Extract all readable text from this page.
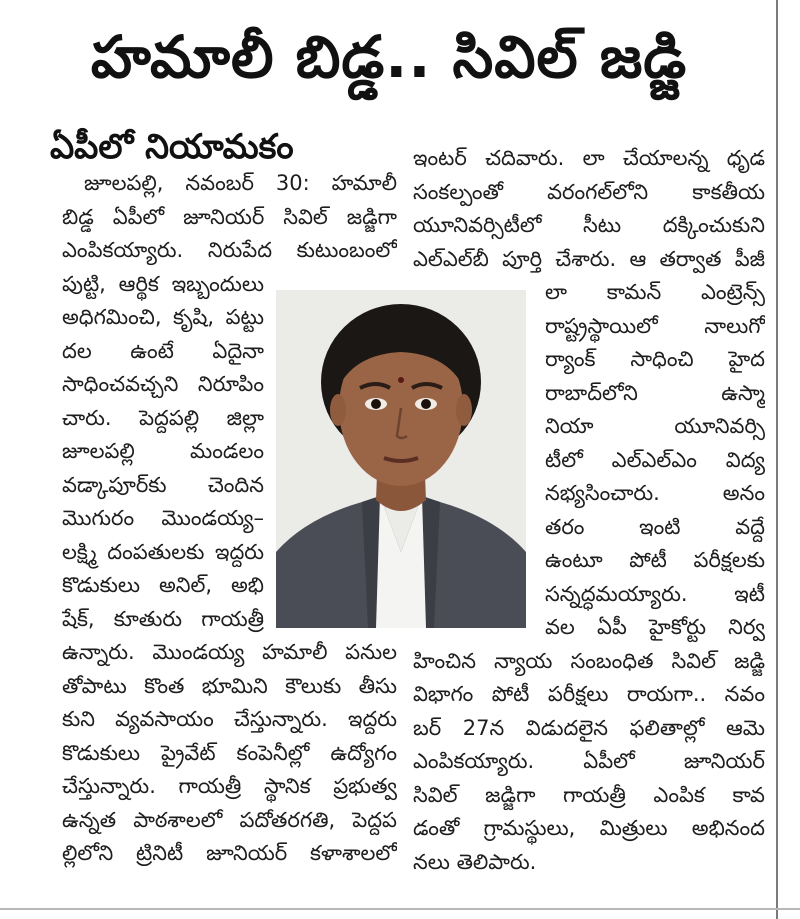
హమాలీ బిడ్డ.. సివిల్ జడ్జి
ఏపీలో నియామకం
జూలపల్లి, నవంబర్ 30: హమాలీ
బిడ్డ ఏపీలో జూనియర్ సివిల్ జడ్జిగా
ఎంపికయ్యారు. నిరుపేద కుటుంబంలో
పుట్టి, ఆర్థిక ఇబ్బందులు
అధిగమించి, కృషి, పట్టు
దల ఉంటే ఏదైనా
సాధించవచ్చని నిరూపిం
చారు. పెద్దపల్లి జిల్లా
జూలపల్లి మండలం
వడ్కాపూర్‌కు చెందిన
మొగురం మొండయ్య–
లక్ష్మి దంపతులకు ఇద్దరు
కొడుకులు అనిల్, అభి
షేక్, కూతురు గాయత్రీ
ఉన్నారు. మొండయ్య హమాలీ పనుల
తోపాటు కొంత భూమిని కౌలుకు తీసు
కుని వ్యవసాయం చేస్తున్నారు. ఇద్దరు
కొడుకులు ప్రైవేట్ కంపెనీల్లో ఉద్యోగం
చేస్తున్నారు. గాయత్రీ స్థానిక ప్రభుత్వ
ఉన్నత పాఠశాలలో పదోతరగతి, పెద్దప
ల్లిలోని ట్రినిటీ జూనియర్ కళాశాలలో
ఇంటర్ చదివారు. లా చేయాలన్న ధృడ
సంకల్పంతో వరంగల్‌లోని కాకతీయ
యూనివర్సిటీలో సీటు దక్కించుకుని
ఎల్‌ఎల్‌బీ పూర్తి చేశారు. ఆ తర్వాత పీజీ
లా కామన్ ఎంట్రెన్స్
రాష్ట్రస్థాయిలో నాలుగో
ర్యాంక్ సాధించి హైద
రాబాద్‌లోని ఉస్మా
నియా యూనివర్సి
టీలో ఎల్‌ఎల్‌ఎం విద్య
నభ్యసించారు. అనం
తరం ఇంటి వద్దే
ఉంటూ పోటీ పరీక్షలకు
సన్నద్ధమయ్యారు. ఇటీ
వల ఏపీ హైకోర్టు నిర్వ
హించిన న్యాయ సంబంధిత సివిల్ జడ్జి
విభాగం పోటీ పరీక్షలు రాయగా.. నవం
బర్ 27న విడుదలైన ఫలితాల్లో ఆమె
ఎంపికయ్యారు. ఏపీలో జూనియర్
సివిల్ జడ్జిగా గాయత్రీ ఎంపిక కావ
డంతో గ్రామస్థులు, మిత్రులు అభినంద
నలు తెలిపారు.
